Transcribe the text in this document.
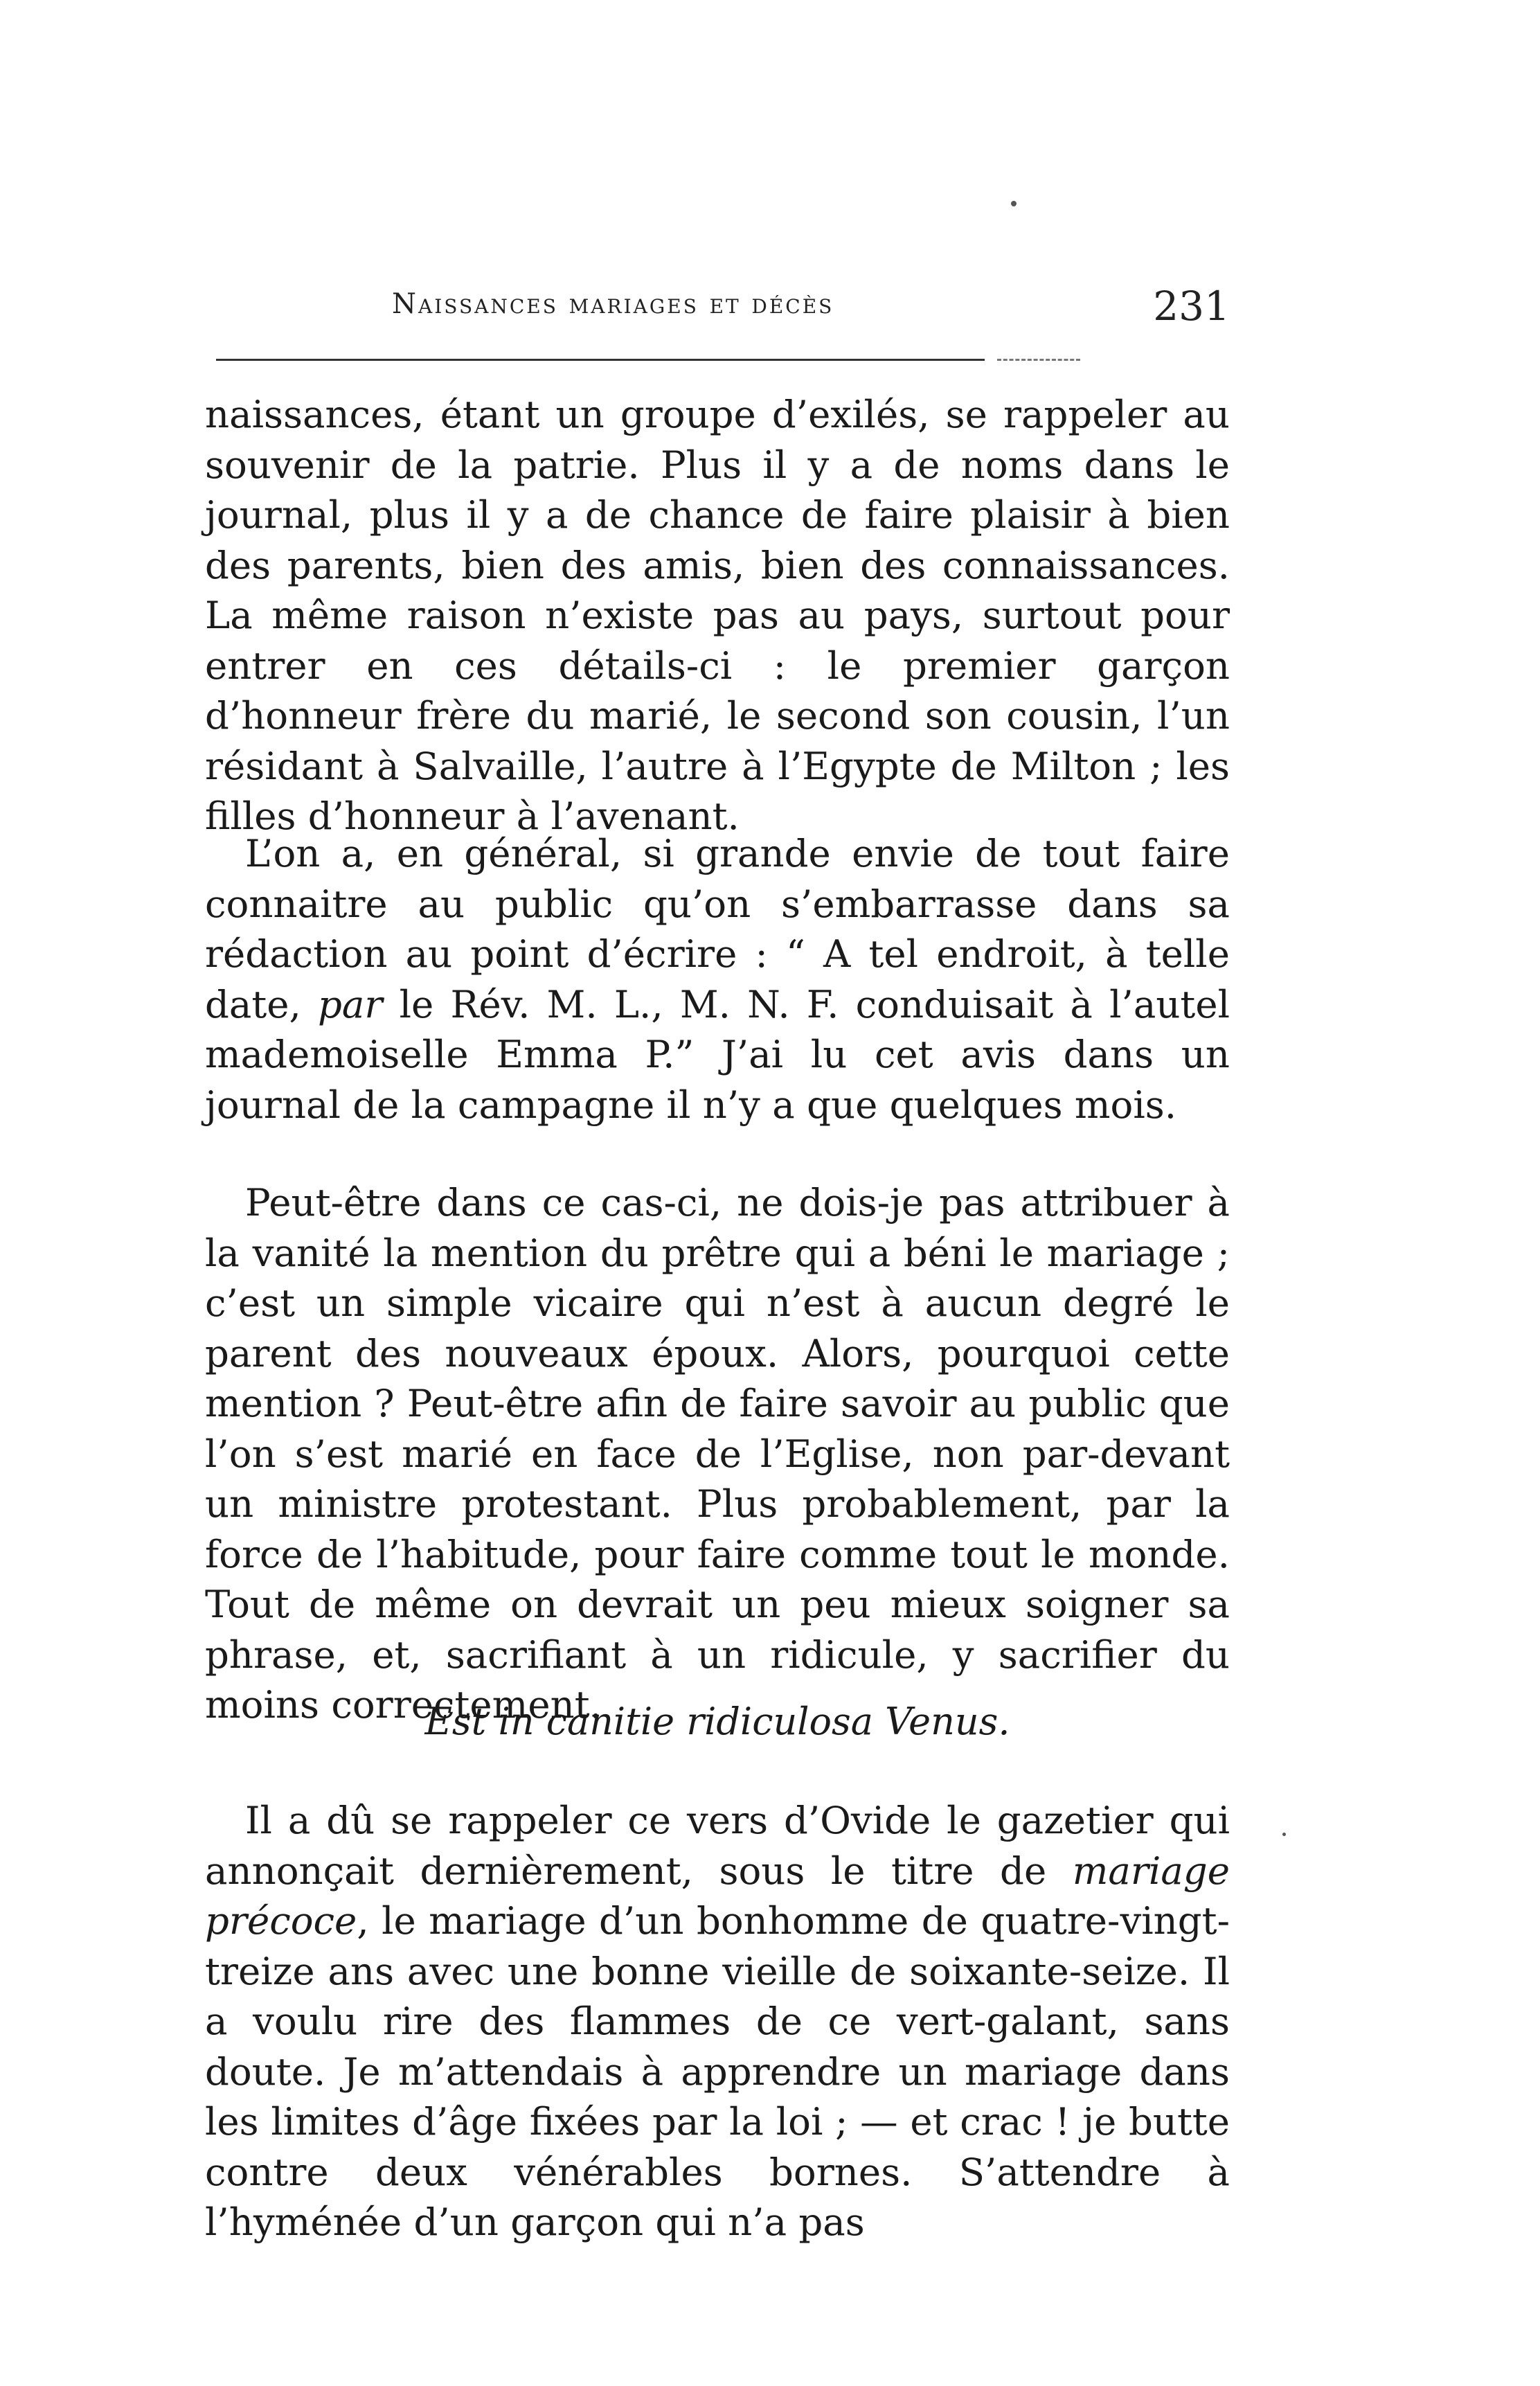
Naissances mariages et décès	231

naissances, étant un groupe d’exilés, se rappeler au souvenir de la patrie. Plus il y a de noms dans le journal, plus il y a de chance de faire plaisir à bien des parents, bien des amis, bien des connaissances. La même raison n’existe pas au pays, surtout pour entrer en ces détails-ci : le premier garçon d’honneur frère du marié, le second son cousin, l’un résidant à Salvaille, l’autre à l’Egypte de Milton ; les filles d’honneur à l’avenant.

L’on a, en général, si grande envie de tout faire connaitre au public qu’on s’embarrasse dans sa rédaction au point d’écrire : “ A tel endroit, à telle date, par le Rév. M. L., M. N. F. conduisait à l’autel mademoiselle Emma P.” J’ai lu cet avis dans un journal de la campagne il n’y a que quelques mois.

Peut-être dans ce cas-ci, ne dois-je pas attribuer à la vanité la mention du prêtre qui a béni le mariage ; c’est un simple vicaire qui n’est à aucun degré le parent des nouveaux époux. Alors, pourquoi cette mention ? Peut-être afin de faire savoir au public que l’on s’est marié en face de l’Eglise, non par-devant un ministre protestant. Plus probablement, par la force de l’habitude, pour faire comme tout le monde. Tout de même on devrait un peu mieux soigner sa phrase, et, sacrifiant à un ridicule, y sacrifier du moins correctement.

Est in canitie ridiculosa Venus.

Il a dû se rappeler ce vers d’Ovide le gazetier qui annonçait dernièrement, sous le titre de mariage précoce, le mariage d’un bonhomme de quatre-vingt-treize ans avec une bonne vieille de soixante-seize. Il a voulu rire des flammes de ce vert-galant, sans doute. Je m’attendais à apprendre un mariage dans les limites d’âge fixées par la loi ; — et crac ! je butte contre deux vénérables bornes. S’attendre à l’hyménée d’un garçon qui n’a pas
